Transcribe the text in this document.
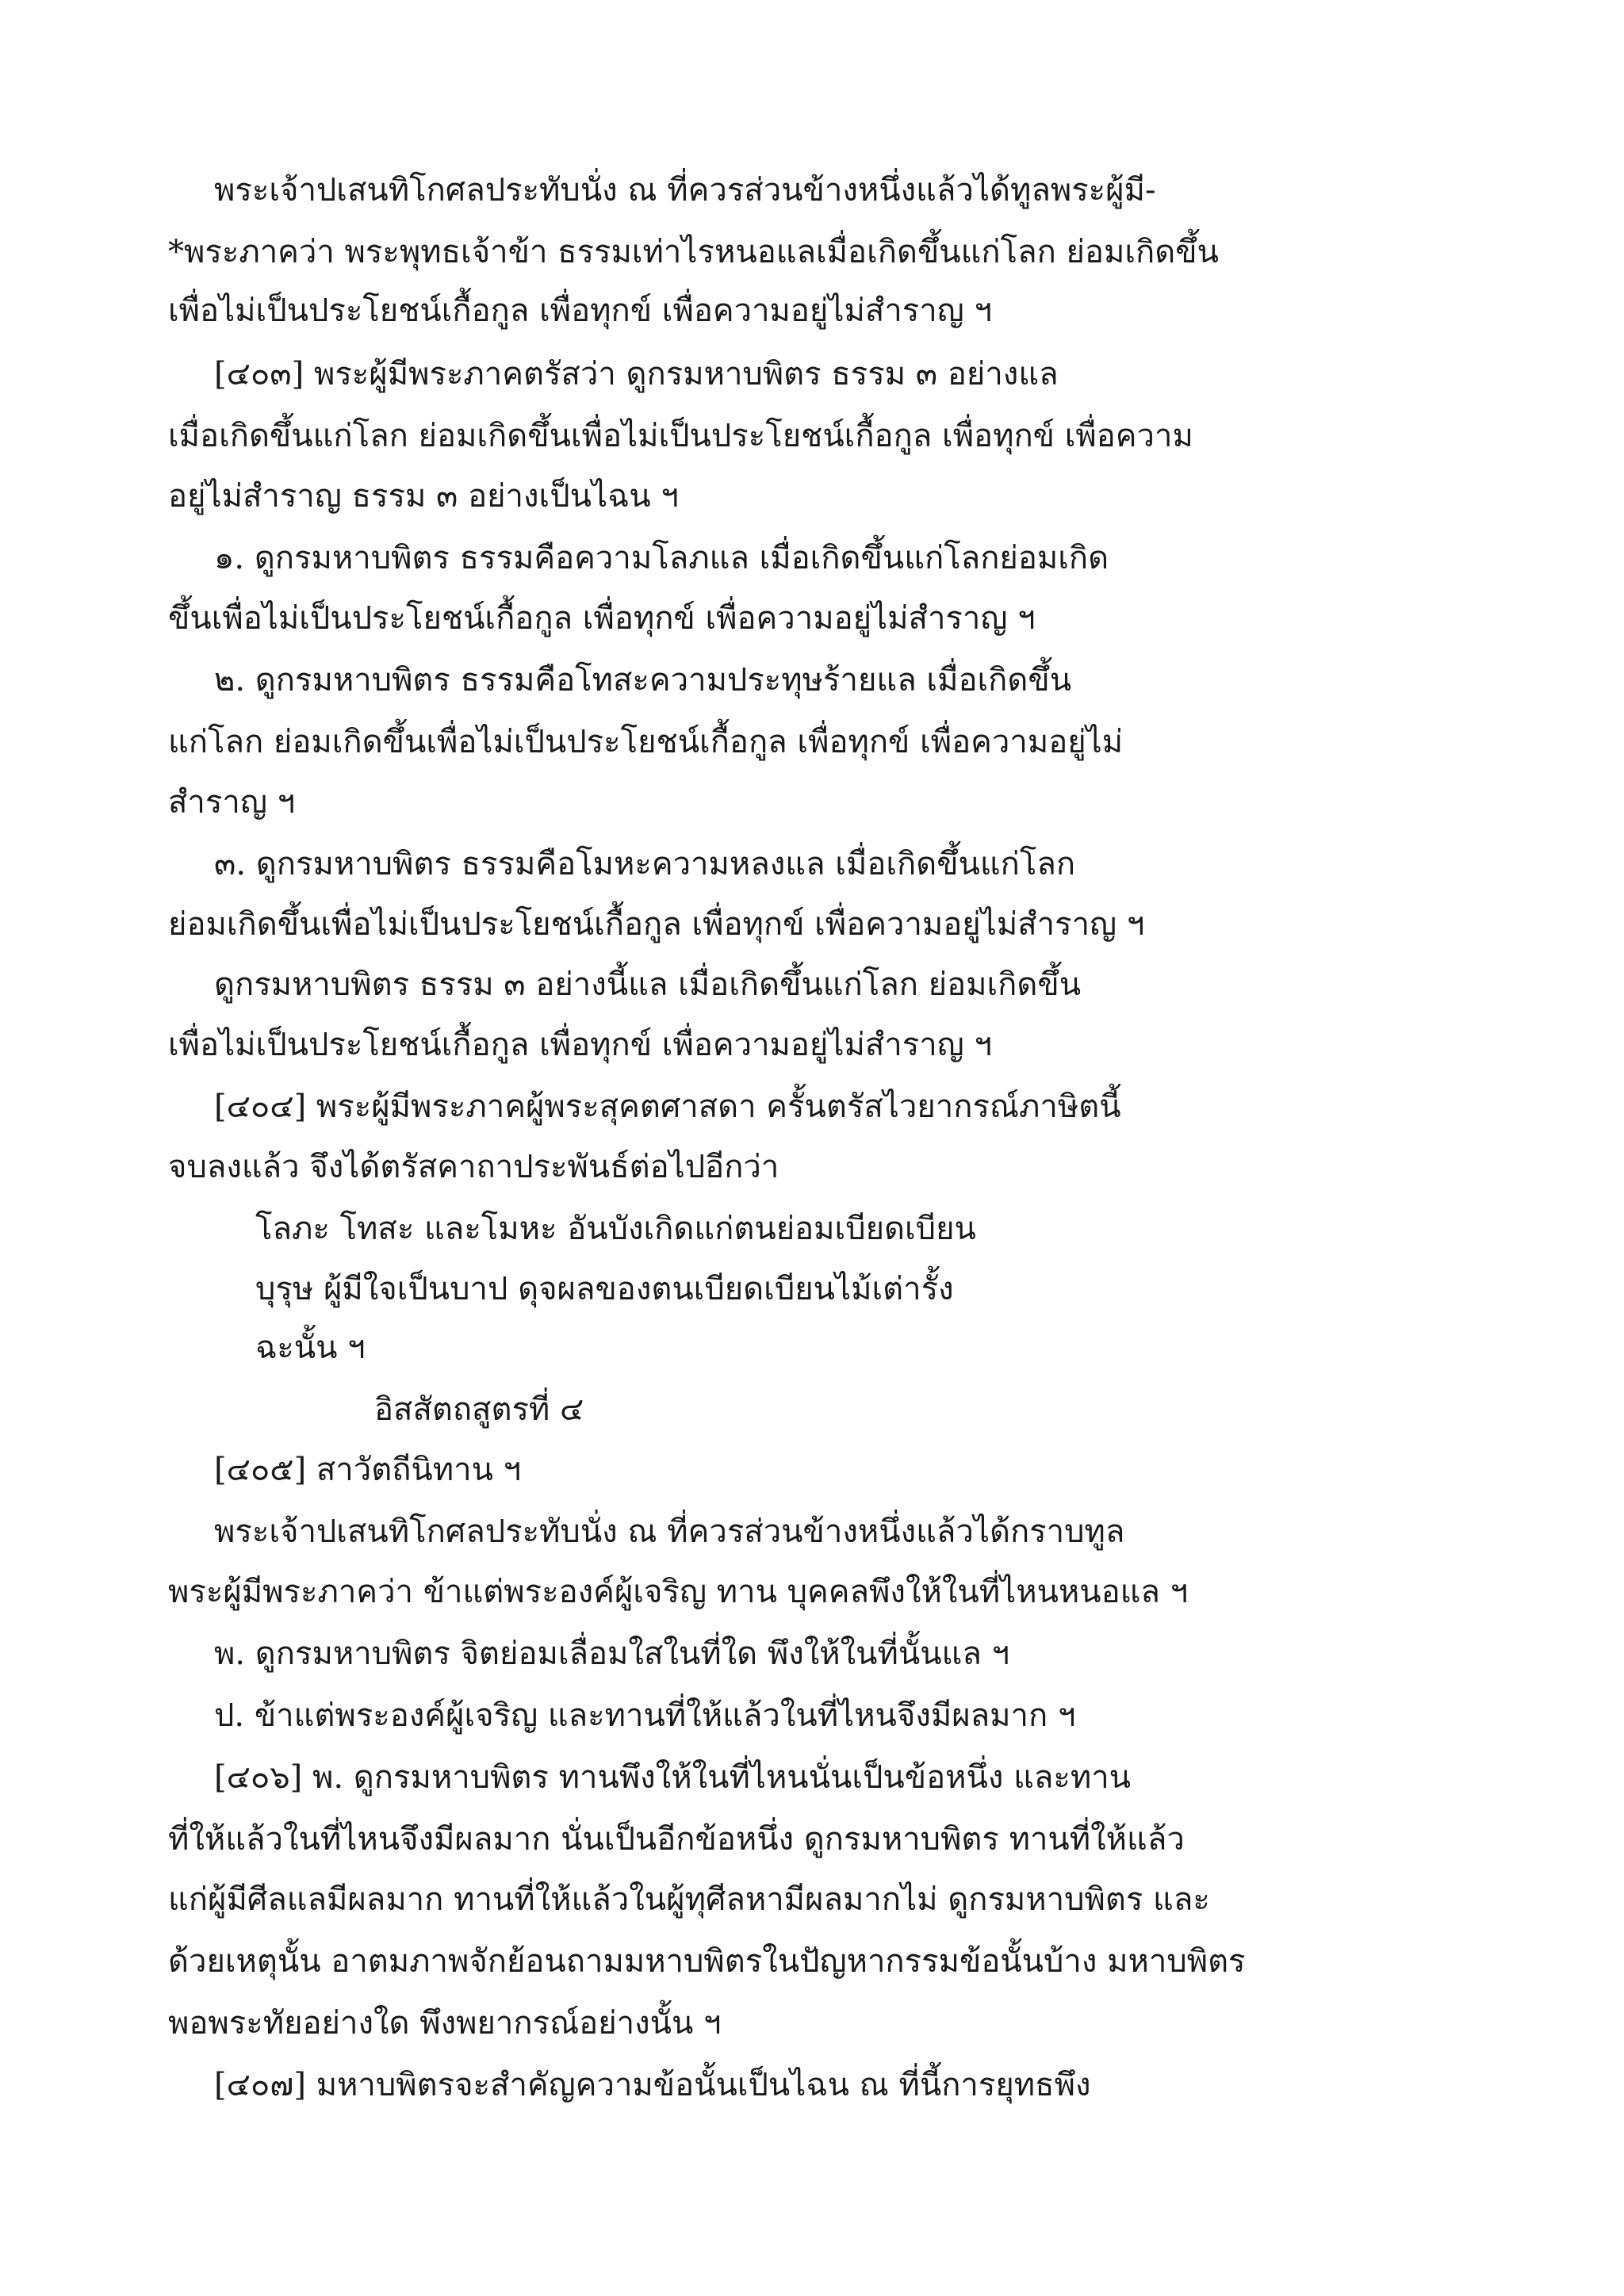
พระเจ้าปเสนทิโกศลประทับนั่ง ณ ที่ควรส่วนข้างหนึ่งแล้วได้ทูลพระผู้มี-
*พระภาคว่า พระพุทธเจ้าข้า ธรรมเท่าไรหนอแลเมื่อเกิดขึ้นแก่โลก ย่อมเกิดขึ้น
เพื่อไม่เป็นประโยชน์เกื้อกูล เพื่อทุกข์ เพื่อความอยู่ไม่สำราญ ฯ
[๔๐๓] พระผู้มีพระภาคตรัสว่า ดูกรมหาบพิตร ธรรม ๓ อย่างแล
เมื่อเกิดขึ้นแก่โลก ย่อมเกิดขึ้นเพื่อไม่เป็นประโยชน์เกื้อกูล เพื่อทุกข์ เพื่อความ
อยู่ไม่สำราญ ธรรม ๓ อย่างเป็นไฉน ฯ
๑. ดูกรมหาบพิตร ธรรมคือความโลภแล เมื่อเกิดขึ้นแก่โลกย่อมเกิด
ขึ้นเพื่อไม่เป็นประโยชน์เกื้อกูล เพื่อทุกข์ เพื่อความอยู่ไม่สำราญ ฯ
๒. ดูกรมหาบพิตร ธรรมคือโทสะความประทุษร้ายแล เมื่อเกิดขึ้น
แก่โลก ย่อมเกิดขึ้นเพื่อไม่เป็นประโยชน์เกื้อกูล เพื่อทุกข์ เพื่อความอยู่ไม่
สำราญ ฯ
๓. ดูกรมหาบพิตร ธรรมคือโมหะความหลงแล เมื่อเกิดขึ้นแก่โลก
ย่อมเกิดขึ้นเพื่อไม่เป็นประโยชน์เกื้อกูล เพื่อทุกข์ เพื่อความอยู่ไม่สำราญ ฯ
ดูกรมหาบพิตร ธรรม ๓ อย่างนี้แล เมื่อเกิดขึ้นแก่โลก ย่อมเกิดขึ้น
เพื่อไม่เป็นประโยชน์เกื้อกูล เพื่อทุกข์ เพื่อความอยู่ไม่สำราญ ฯ
[๔๐๔] พระผู้มีพระภาคผู้พระสุคตศาสดา ครั้นตรัสไวยากรณ์ภาษิตนี้
จบลงแล้ว จึงได้ตรัสคาถาประพันธ์ต่อไปอีกว่า
โลภะ โทสะ และโมหะ อันบังเกิดแก่ตนย่อมเบียดเบียน
บุรุษ ผู้มีใจเป็นบาป ดุจผลของตนเบียดเบียนไม้เต่ารั้ง
ฉะนั้น ฯ
อิสสัตถสูตรที่ ๔
[๔๐๕] สาวัตถีนิทาน ฯ
พระเจ้าปเสนทิโกศลประทับนั่ง ณ ที่ควรส่วนข้างหนึ่งแล้วได้กราบทูล
พระผู้มีพระภาคว่า ข้าแต่พระองค์ผู้เจริญ ทาน บุคคลพึงให้ในที่ไหนหนอแล ฯ
พ. ดูกรมหาบพิตร จิตย่อมเลื่อมใสในที่ใด พึงให้ในที่นั้นแล ฯ
ป. ข้าแต่พระองค์ผู้เจริญ และทานที่ให้แล้วในที่ไหนจึงมีผลมาก ฯ
[๔๐๖] พ. ดูกรมหาบพิตร ทานพึงให้ในที่ไหนนั่นเป็นข้อหนึ่ง และทาน
ที่ให้แล้วในที่ไหนจึงมีผลมาก นั่นเป็นอีกข้อหนึ่ง ดูกรมหาบพิตร ทานที่ให้แล้ว
แก่ผู้มีศีลแลมีผลมาก ทานที่ให้แล้วในผู้ทุศีลหามีผลมากไม่ ดูกรมหาบพิตร และ
ด้วยเหตุนั้น อาตมภาพจักย้อนถามมหาบพิตรในปัญหากรรมข้อนั้นบ้าง มหาบพิตร
พอพระทัยอย่างใด พึงพยากรณ์อย่างนั้น ฯ
[๔๐๗] มหาบพิตรจะสำคัญความข้อนั้นเป็นไฉน ณ ที่นี้การยุทธพึง
